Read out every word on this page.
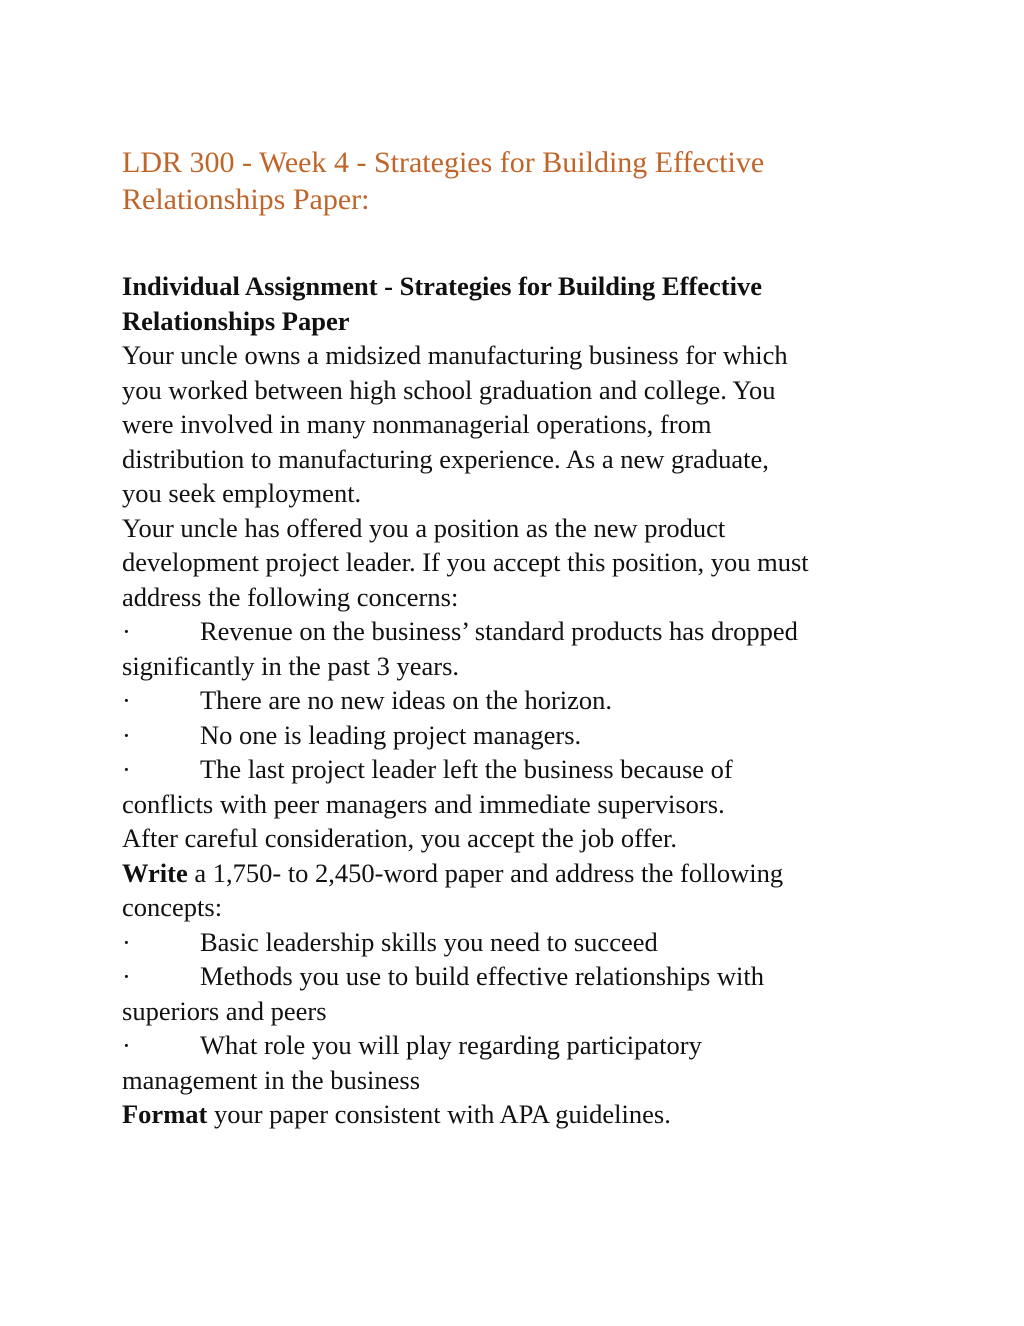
LDR 300 - Week 4 - Strategies for Building Effective
Relationships Paper:
Individual Assignment - Strategies for Building Effective
Relationships Paper
Your uncle owns a midsized manufacturing business for which
you worked between high school graduation and college. You
were involved in many nonmanagerial operations, from
distribution to manufacturing experience. As a new graduate,
you seek employment.
Your uncle has offered you a position as the new product
development project leader. If you accept this position, you must
address the following concerns:
·	Revenue on the business’ standard products has dropped
significantly in the past 3 years.
·	There are no new ideas on the horizon.
·	No one is leading project managers.
·	The last project leader left the business because of
conflicts with peer managers and immediate supervisors.
After careful consideration, you accept the job offer.
Write a 1,750- to 2,450-word paper and address the following
concepts:
·	Basic leadership skills you need to succeed
·	Methods you use to build effective relationships with
superiors and peers
·	What role you will play regarding participatory
management in the business
Format your paper consistent with APA guidelines.
